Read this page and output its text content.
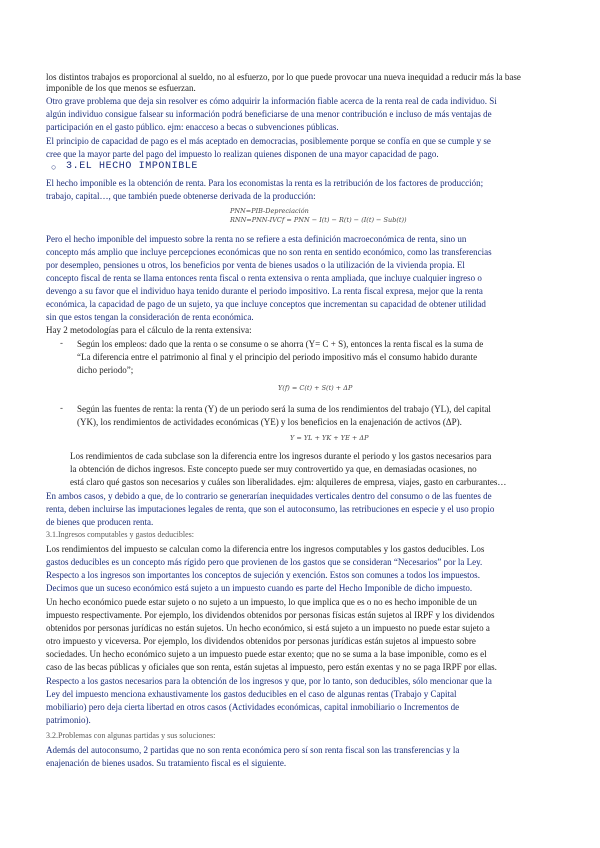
los distintos trabajos es proporcional al sueldo, no al esfuerzo, por lo que puede provocar una nueva inequidad a reducir más la base
imponible de los que menos se esfuerzan.
Otro grave problema que deja sin resolver es cómo adquirir la información fiable acerca de la renta real de cada individuo. Si
algún individuo consigue falsear su información podrá beneficiarse de una menor contribución e incluso de más ventajas de
participación en el gasto público. ejm: enacceso a becas o subvenciones públicas.
El principio de capacidad de pago es el más aceptado en democracias, posiblemente porque se confía en que se cumple y se
cree que la mayor parte del pago del impuesto lo realizan quienes disponen de una mayor capacidad de pago.
○ 3.EL HECHO IMPONIBLE
El hecho imponible es la obtención de renta. Para los economistas la renta es la retribución de los factores de producción;
trabajo, capital…, que también puede obtenerse derivada de la producción:
PNN=PIB-Depreciación
RNN=PNN-IVCf = PNN − I(t) − R(t) − (I(t) − Sub(t))
Pero el hecho imponible del impuesto sobre la renta no se refiere a esta definición macroeconómica de renta, sino un
concepto más amplio que incluye percepciones económicas que no son renta en sentido económico, como las transferencias
por desempleo, pensiones u otros, los beneficios por venta de bienes usados o la utilización de la vivienda propia. El
concepto fiscal de renta se llama entonces renta fiscal o renta extensiva o renta ampliada, que incluye cualquier ingreso o
devengo a su favor que el individuo haya tenido durante el periodo impositivo. La renta fiscal expresa, mejor que la renta
económica, la capacidad de pago de un sujeto, ya que incluye conceptos que incrementan su capacidad de obtener utilidad
sin que estos tengan la consideración de renta económica.
Hay 2 metodologías para el cálculo de la renta extensiva:
- Según los empleos: dado que la renta o se consume o se ahorra (Y= C + S), entonces la renta fiscal es la suma de
“La diferencia entre el patrimonio al final y el principio del periodo impositivo más el consumo habido durante
dicho periodo”;
Y(f) = C(t) + S(t) + ΔP
- Según las fuentes de renta: la renta (Y) de un periodo será la suma de los rendimientos del trabajo (YL), del capital
(YK), los rendimientos de actividades económicas (YE) y los beneficios en la enajenación de activos (ΔP).
Y = YL + YK + YE + ΔP
Los rendimientos de cada subclase son la diferencia entre los ingresos durante el periodo y los gastos necesarios para
la obtención de dichos ingresos. Este concepto puede ser muy controvertido ya que, en demasiadas ocasiones, no
está claro qué gastos son necesarios y cuáles son liberalidades. ejm: alquileres de empresa, viajes, gasto en carburantes…
En ambos casos, y debido a que, de lo contrario se generarían inequidades verticales dentro del consumo o de las fuentes de
renta, deben incluirse las imputaciones legales de renta, que son el autoconsumo, las retribuciones en especie y el uso propio
de bienes que producen renta.
3.1.Ingresos computables y gastos deducibles:
Los rendimientos del impuesto se calculan como la diferencia entre los ingresos computables y los gastos deducibles. Los
gastos deducibles es un concepto más rígido pero que provienen de los gastos que se consideran “Necesarios” por la Ley.
Respecto a los ingresos son importantes los conceptos de sujeción y exención. Estos son comunes a todos los impuestos.
Decimos que un suceso económico está sujeto a un impuesto cuando es parte del Hecho Imponible de dicho impuesto.
Un hecho económico puede estar sujeto o no sujeto a un impuesto, lo que implica que es o no es hecho imponible de un
impuesto respectivamente. Por ejemplo, los dividendos obtenidos por personas físicas están sujetos al IRPF y los dividendos
obtenidos por personas jurídicas no están sujetos. Un hecho económico, si está sujeto a un impuesto no puede estar sujeto a
otro impuesto y viceversa. Por ejemplo, los dividendos obtenidos por personas jurídicas están sujetos al impuesto sobre
sociedades. Un hecho económico sujeto a un impuesto puede estar exento; que no se suma a la base imponible, como es el
caso de las becas públicas y oficiales que son renta, están sujetas al impuesto, pero están exentas y no se paga IRPF por ellas.
Respecto a los gastos necesarios para la obtención de los ingresos y que, por lo tanto, son deducibles, sólo mencionar que la
Ley del impuesto menciona exhaustivamente los gastos deducibles en el caso de algunas rentas (Trabajo y Capital
mobiliario) pero deja cierta libertad en otros casos (Actividades económicas, capital inmobiliario o Incrementos de
patrimonio).
3.2.Problemas con algunas partidas y sus soluciones:
Además del autoconsumo, 2 partidas que no son renta económica pero sí son renta fiscal son las transferencias y la
enajenación de bienes usados. Su tratamiento fiscal es el siguiente.
